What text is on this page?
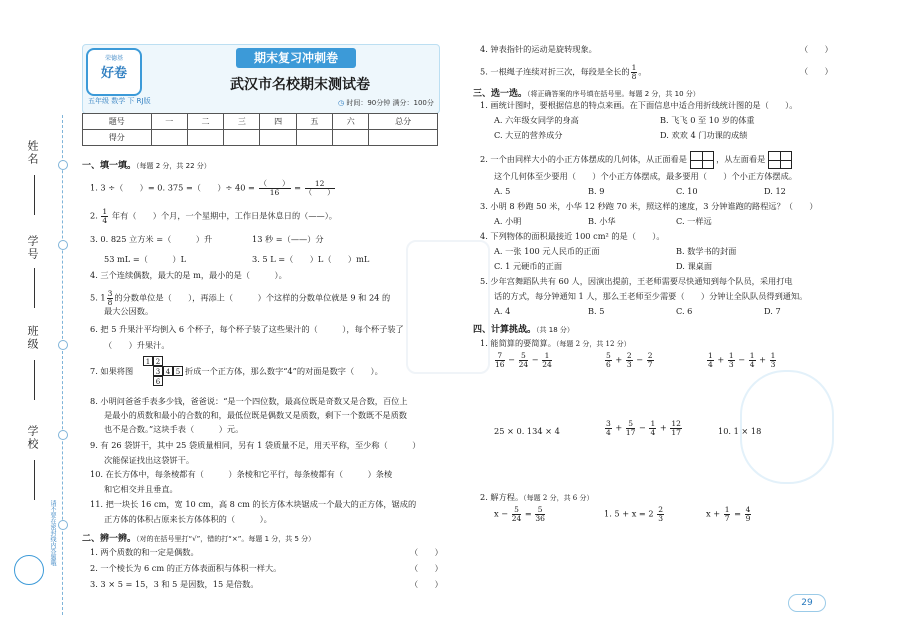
姓名
学号
班级
学校
请不要在密封线内答题哦
荣德基
好卷
期末复习冲刺卷
武汉市名校期末测试卷
五年级 数学 下 RJ版	◷ 时间：90分钟 满分：100分
题号	一	二	三	四	五	六	总分
得分							
一、填一填。（每题 2 分，共 22 分）
1. 3 ÷（　　）= 0. 375 =（　　）÷ $40 = \frac{( )}{16} = \frac{12}{( )}$
2. $\frac{1}{4}$ 年有（　　）个月，一个星期中，工作日是休息日的（——）。
3. 0. 825 立方米 =（　　　）升	13 秒 =（——）分
53 mL =（　　　）L	3. 5 L =（　　）L（　　）mL
4. 三个连续偶数，最大的是 m，最小的是（　　　）。
5. $1 \frac{3}{8}$ 的分数单位是（　　），再添上（　　　）个这样的分数单位就是 9 和 24 的
最大公因数。
6. 把 5 升果汁平均倒入 6 个杯子，每个杯子装了这些果汁的（　　　），每个杯子装了
（　　）升果汁。
7. 如果将图
1 2
3 4 5
6
折成一个正方体，那么数字“4”的对面是数字（　　）。
8. 小明问爸爸手表多少钱，爸爸说：“是一个四位数，最高位既是奇数又是合数，百位上
是最小的质数和最小的合数的和，最低位既是偶数又是质数，剩下一个数既不是质数
也不是合数。”这块手表（　　　）元。
9. 有 26 袋饼干，其中 25 袋质量相同，另有 1 袋质量不足，用天平称，至少称（　　　）
次能保证找出这袋饼干。
10. 在长方体中，每条棱都有（　　　）条棱和它平行，每条棱都有（　　　）条棱
和它相交并且垂直。
11. 把一块长 16 cm，宽 10 cm，高 8 cm 的长方体木块锯成一个最大的正方体，锯成的
正方体的体积占原来长方体体积的（　　　）。
二、辨一辨。（对的在括号里打“√”，错的打“×”。每题 1 分，共 5 分）
1. 两个质数的和一定是偶数。	（　　）
2. 一个棱长为 6 cm 的正方体表面积与体积一样大。	（　　）
3. 3 × 5 = 15，3 和 5 是因数，15 是倍数。	（　　）
4. 钟表指针的运动是旋转现象。	（　　）
5. 一根绳子连续对折三次，每段是全长的 $\frac{1}{8}$ 。	（　　）
三、选一选。（将正确答案的序号填在括号里。每题 2 分，共 10 分）
1. 画统计图时，要根据信息的特点来画。在下面信息中适合用折线统计图的是（　　）。
A. 六年级女同学的身高	B. 飞飞 0 至 10 岁的体重
C. 大豆的营养成分	D. 欢欢 4 门功课的成绩
2. 一个由同样大小的小正方体摆成的几何体，从正面看是	，从左面看是
这个几何体至少要用（　　）个小正方体摆成，最多要用（　　）个小正方体摆成。
A. 5	B. 9	C. 10	D. 12
3. 小明 8 秒跑 50 米，小华 12 秒跑 70 米，照这样的速度，3 分钟谁跑的路程远？（　　）
A. 小明	B. 小华	C. 一样远
4. 下列物体的面积最接近 100 cm² 的是（　　）。
A. 一张 100 元人民币的正面	B. 数学书的封面
C. 1 元硬币的正面	D. 课桌面
5. 少年宫舞蹈队共有 60 人，因演出提前，王老师需要尽快通知到每个队员，采用打电
话的方式，每分钟通知 1 人，那么王老师至少需要（　　）分钟让全队队员得到通知。
A. 4	B. 5	C. 6	D. 7
四、计算挑战。（共 18 分）
1. 能简算的要简算。（每题 2 分，共 12 分）
$\frac{7}{16} - \frac{5}{24} - \frac{1}{24}$	$\frac{5}{6} + \frac{2}{3} - \frac{2}{7}$	$\frac{1}{4} + \frac{1}{3} - \frac{1}{4} + \frac{1}{3}$
25 × 0. 134 × 4	$\frac{3}{4} + \frac{5}{17} - \frac{1}{4} + \frac{12}{17}$	10. 1 × 18
2. 解方程。（每题 2 分，共 6 分）
$x - \frac{5}{24} = \frac{5}{36}$	1. $5 + x = 2 \frac{2}{3}$	$x + \frac{1}{7} = \frac{4}{9}$
29
